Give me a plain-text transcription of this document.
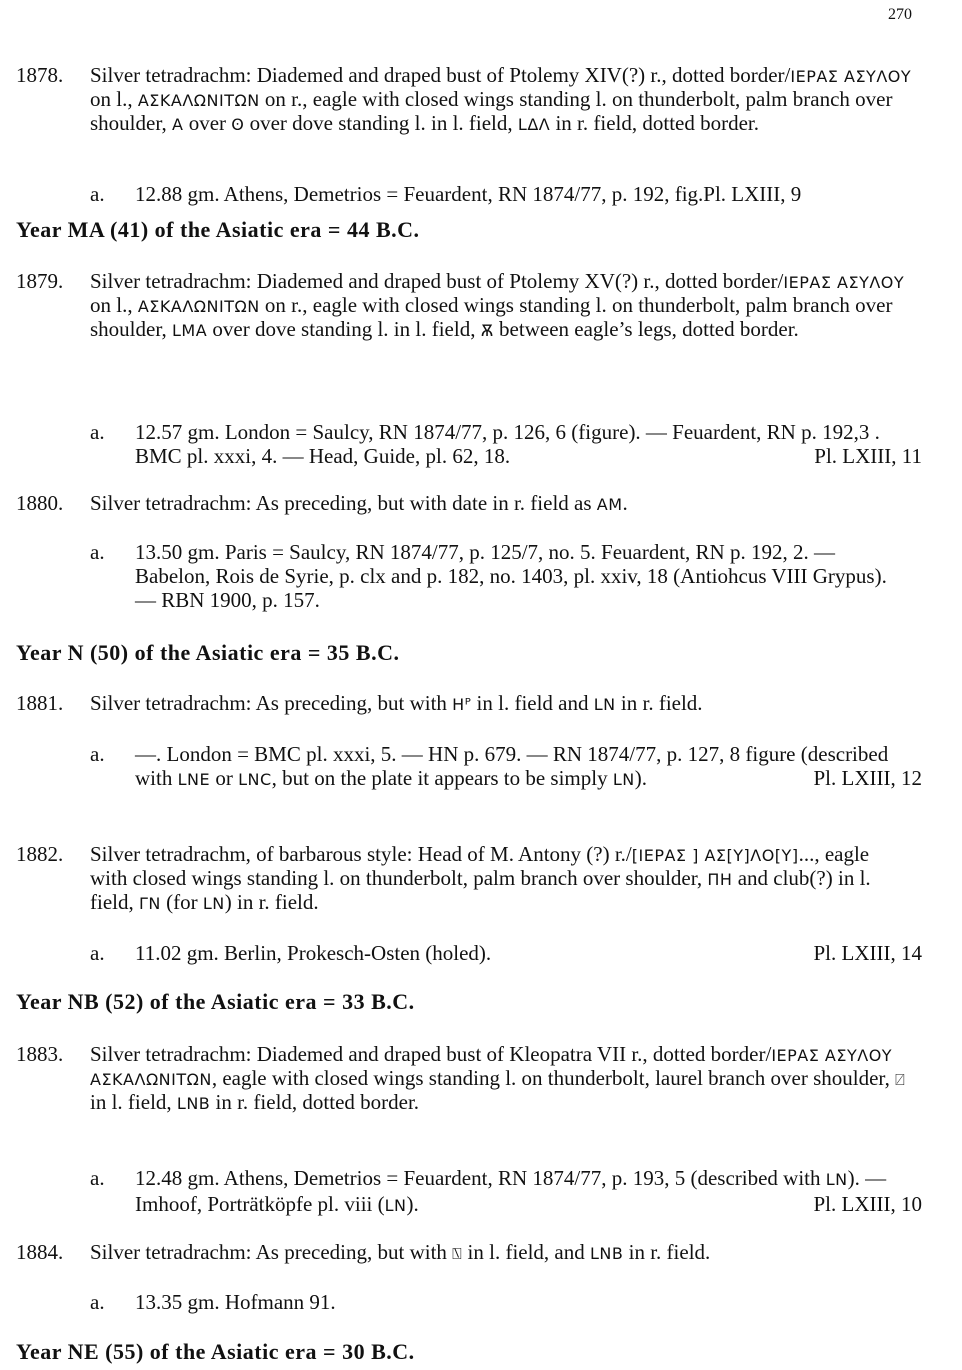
270
1878. Silver tetradrachm: Diademed and draped bust of Ptolemy XIV(?) r., dotted border/ΙΕΡΑΣ ΑΣΥΛΟΥ on l., ΑΣΚΑΛΩΝΙΤΩΝ on r., eagle with closed wings standing l. on thunderbolt, palm branch over shoulder, Α over ʘ over dove standing l. in l. field, LΔΛ in r. field, dotted border.
a. 12.88 gm. Athens, Demetrios = Feuardent, RN 1874/77, p. 192, fig.Pl. LXIII, 9
Year MA (41) of the Asiatic era = 44 B.C.
1879. Silver tetradrachm: Diademed and draped bust of Ptolemy XV(?) r., dotted border/ΙΕΡΑΣ ΑΣΥΛΟΥ on l., ΑΣΚΑΛΩΝΙΤΩΝ on r., eagle with closed wings standing l. on thunderbolt, palm branch over shoulder, LMA over dove standing l. in l. field, Ѫ between eagle’s legs, dotted border.
a. 12.57 gm. London = Saulcy, RN 1874/77, p. 126, 6 (figure). — Feuardent, RN p. 192,3 . BMC pl. xxxi, 4. — Head, Guide, pl. 62, 18.	Pl. LXIII, 11
1880. Silver tetradrachm: As preceding, but with date in r. field as ΑΜ.
a. 13.50 gm. Paris = Saulcy, RN 1874/77, p. 125/7, no. 5. Feuardent, RN p. 192, 2. — Babelon, Rois de Syrie, p. clx and p. 182, no. 1403, pl. xxiv, 18 (Antiohcus VIII Grypus). — RBN 1900, p. 157.
Year N (50) of the Asiatic era = 35 B.C.
1881. Silver tetradrachm: As preceding, but with Hᴾ in l. field and LN in r. field.
a. —. London = BMC pl. xxxi, 5. — HN p. 679. — RN 1874/77, p. 127, 8 figure (described with LNE or LNC, but on the plate it appears to be simply LN).	Pl. LXIII, 12
1882. Silver tetradrachm, of barbarous style: Head of M. Antony (?) r./[ΙΕΡΑΣ ] ΑΣ[Υ]ΛΟ[Υ]..., eagle with closed wings standing l. on thunderbolt, palm branch over shoulder, ΠΗ and club(?) in l. field, ΓΝ (for LN) in r. field.
a. 11.02 gm. Berlin, Prokesch-Osten (holed).	Pl. LXIII, 14
Year NB (52) of the Asiatic era = 33 B.C.
1883. Silver tetradrachm: Diademed and draped bust of Kleopatra VII r., dotted border/ΙΕΡΑΣ ΑΣΥΛΟΥ ΑΣΚΑΛΩΝΙΤΩΝ, eagle with closed wings standing l. on thunderbolt, laurel branch over shoulder, ⍁ in l. field, LNB in r. field, dotted border.
a. 12.48 gm. Athens, Demetrios = Feuardent, RN 1874/77, p. 193, 5 (described with LN). — Imhoof, Porträtköpfe pl. viii (LN).	Pl. LXIII, 10
1884. Silver tetradrachm: As preceding, but with ⍂ in l. field, and LNB in r. field.
a. 13.35 gm. Hofmann 91.
Year NE (55) of the Asiatic era = 30 B.C.
